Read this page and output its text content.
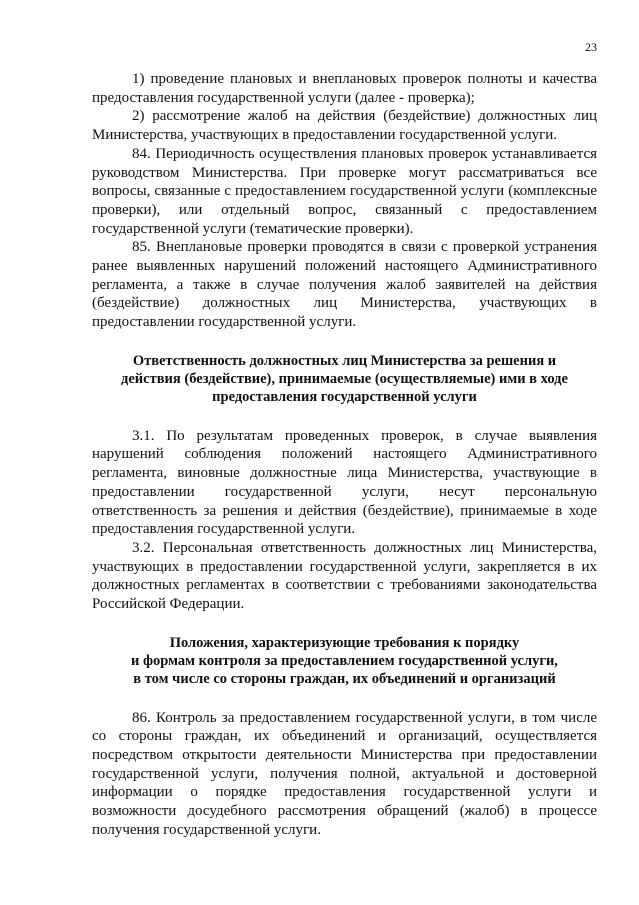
23

1) проведение плановых и внеплановых проверок полноты и качества предоставления государственной услуги (далее - проверка);

2) рассмотрение жалоб на действия (бездействие) должностных лиц Министерства, участвующих в предоставлении государственной услуги.

84. Периодичность осуществления плановых проверок устанавливается руководством Министерства. При проверке могут рассматриваться все вопросы, связанные с предоставлением государственной услуги (комплексные проверки), или отдельный вопрос, связанный с предоставлением государственной услуги (тематические проверки).

85. Внеплановые проверки проводятся в связи с проверкой устранения ранее выявленных нарушений положений настоящего Административного регламента, а также в случае получения жалоб заявителей на действия (бездействие) должностных лиц Министерства, участвующих в предоставлении государственной услуги.

Ответственность должностных лиц Министерства за решения и

действия (бездействие), принимаемые (осуществляемые) ими в ходе

предоставления государственной услуги

3.1. По результатам проведенных проверок, в случае выявления нарушений соблюдения положений настоящего Административного регламента, виновные должностные лица Министерства, участвующие в предоставлении государственной услуги, несут персональную ответственность за решения и действия (бездействие), принимаемые в ходе предоставления государственной услуги.

3.2. Персональная ответственность должностных лиц Министерства, участвующих в предоставлении государственной услуги, закрепляется в их должностных регламентах в соответствии с требованиями законодательства Российской Федерации.

Положения, характеризующие требования к порядку

и формам контроля за предоставлением государственной услуги,

в том числе со стороны граждан, их объединений и организаций

86. Контроль за предоставлением государственной услуги, в том числе со стороны граждан, их объединений и организаций, осуществляется посредством открытости деятельности Министерства при предоставлении государственной услуги, получения полной, актуальной и достоверной информации о порядке предоставления государственной услуги и возможности досудебного рассмотрения обращений (жалоб) в процессе получения государственной услуги.
